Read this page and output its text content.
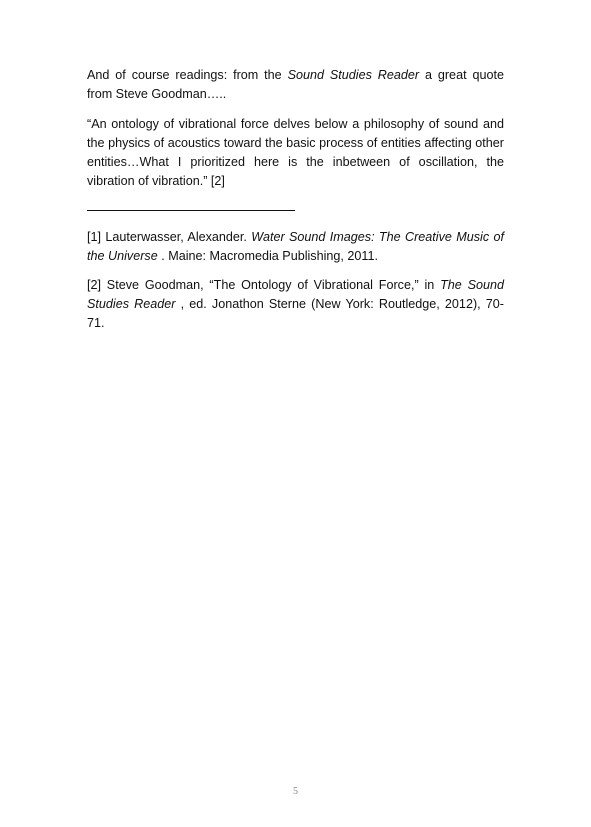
And of course readings: from the Sound Studies Reader a great quote from Steve Goodman…..

“An ontology of vibrational force delves below a philosophy of sound and the physics of acoustics toward the basic process of entities affecting other entities…What I prioritized here is the inbetween of oscillation, the vibration of vibration.” [2]

[1] Lauterwasser, Alexander. Water Sound Images: The Creative Music of the Universe . Maine: Macromedia Publishing, 2011.

[2] Steve Goodman, “The Ontology of Vibrational Force,” in The Sound Studies Reader , ed. Jonathon Sterne (New York: Routledge, 2012), 70-71.

5
